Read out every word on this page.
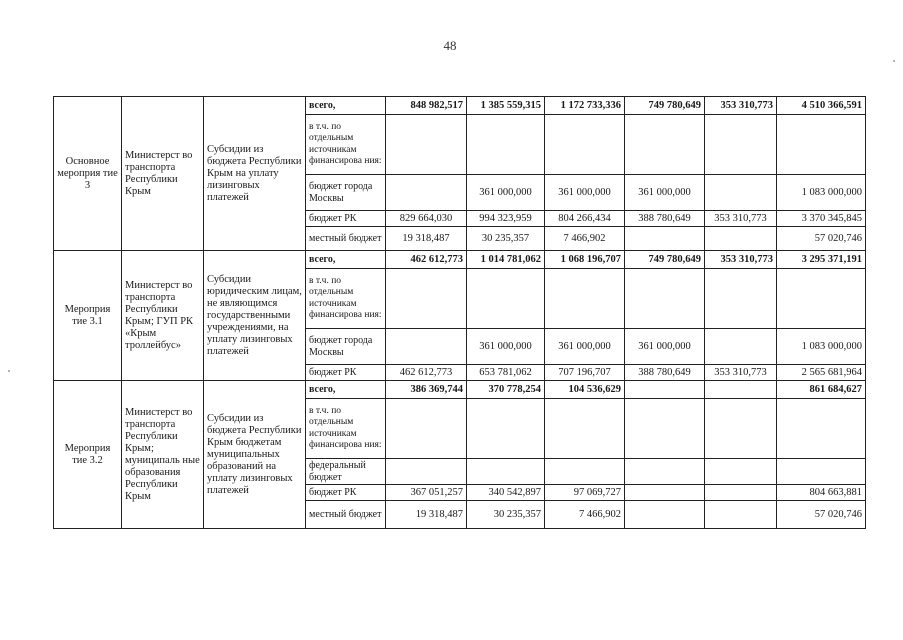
48
Основное мероприя тие 3	Министерст во транспорта Республики Крым	Субсидии из бюджета Республики Крым на уплату лизинговых платежей	всего,	848 982,517	1 385 559,315	1 172 733,336	749 780,649	353 310,773	4 510 366,591
			в т.ч. по отдельным источникам финансирова ния:						
			бюджет города Москвы		361 000,000	361 000,000	361 000,000		1 083 000,000
			бюджет РК	829 664,030	994 323,959	804 266,434	388 780,649	353 310,773	3 370 345,845
			местный бюджет	19 318,487	30 235,357	7 466,902			57 020,746
Мероприя тие 3.1	Министерст во транспорта Республики Крым; ГУП РК «Крым троллейбус»	Субсидии юридическим лицам, не являющимся государственными учреждениями, на уплату лизинговых платежей	всего,	462 612,773	1 014 781,062	1 068 196,707	749 780,649	353 310,773	3 295 371,191
			в т.ч. по отдельным источникам финансирова ния:						
			бюджет города Москвы		361 000,000	361 000,000	361 000,000		1 083 000,000
			бюджет РК	462 612,773	653 781,062	707 196,707	388 780,649	353 310,773	2 565 681,964
Мероприя тие 3.2	Министерст во транспорта Республики Крым; муниципаль ные образования Республики Крым	Субсидии из бюджета Республики Крым бюджетам муниципальных образований на уплату лизинговых платежей	всего,	386 369,744	370 778,254	104 536,629			861 684,627
			в т.ч. по отдельным источникам финансирова ния:						
			федеральный бюджет						
			бюджет РК	367 051,257	340 542,897	97 069,727			804 663,881
			местный бюджет	19 318,487	30 235,357	7 466,902			57 020,746
